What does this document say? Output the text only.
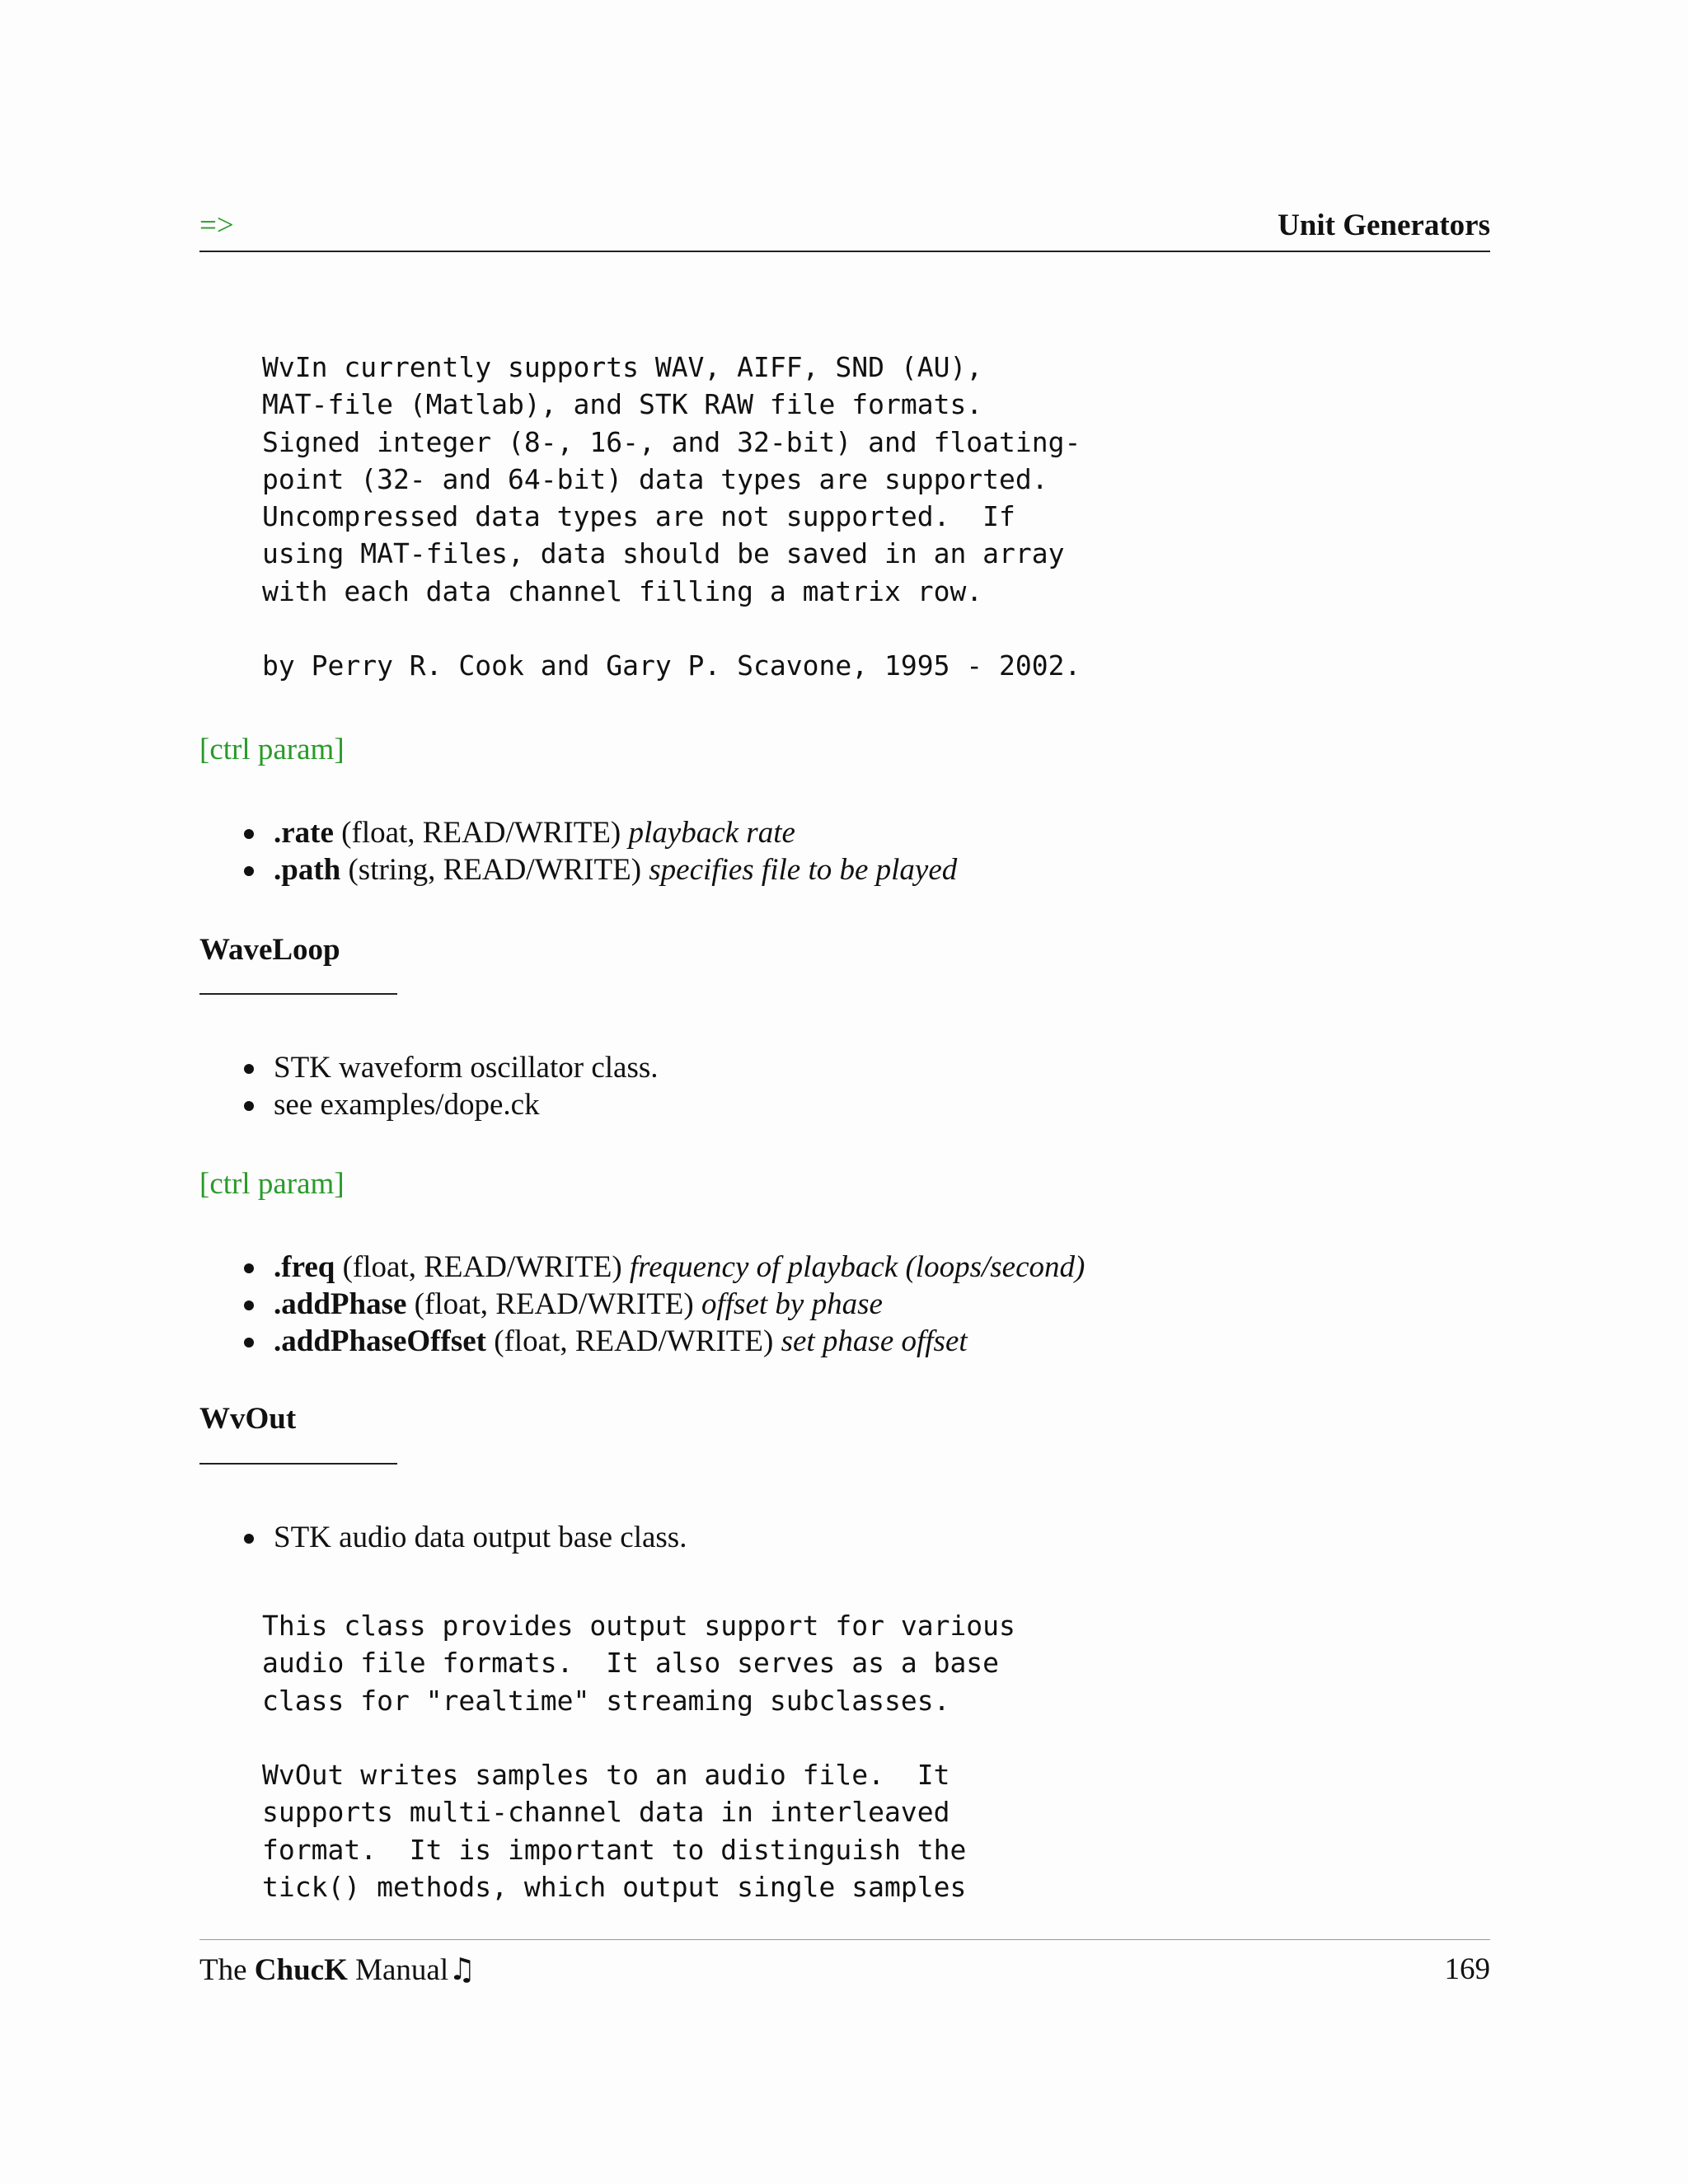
=>	Unit Generators
WvIn currently supports WAV, AIFF, SND (AU),
MAT-file (Matlab), and STK RAW file formats.
Signed integer (8-, 16-, and 32-bit) and floating-
point (32- and 64-bit) data types are supported.
Uncompressed data types are not supported.  If
using MAT-files, data should be saved in an array
with each data channel filling a matrix row.
by Perry R. Cook and Gary P. Scavone, 1995 - 2002.
[ctrl param]
.rate (float, READ/WRITE) playback rate
.path (string, READ/WRITE) specifies file to be played
WaveLoop
STK waveform oscillator class.
see examples/dope.ck
[ctrl param]
.freq (float, READ/WRITE) frequency of playback (loops/second)
.addPhase (float, READ/WRITE) offset by phase
.addPhaseOffset (float, READ/WRITE) set phase offset
WvOut
STK audio data output base class.
This class provides output support for various
audio file formats.  It also serves as a base
class for "realtime" streaming subclasses.
WvOut writes samples to an audio file.  It
supports multi-channel data in interleaved
format.  It is important to distinguish the
tick() methods, which output single samples
The ChucK Manual♫	169
